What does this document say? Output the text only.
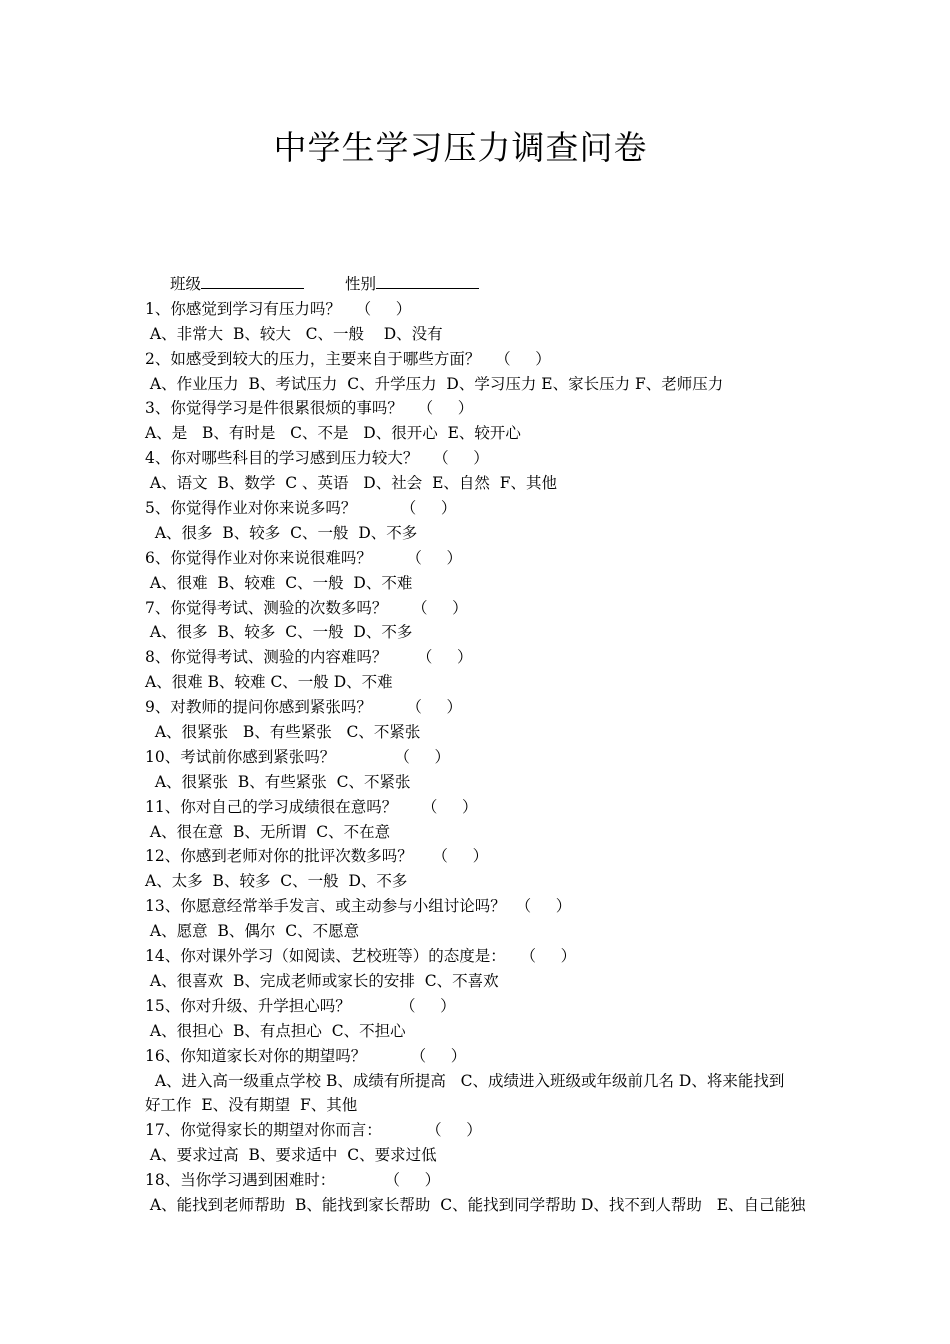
中学生学习压力调查问卷
班级	性别
1、你感觉到学习有压力吗？   （     ）
A、非常大  B、较大   C、一般    D、没有
2、如感受到较大的压力，主要来自于哪些方面？   （     ）
A、作业压力  B、考试压力  C、升学压力  D、学习压力 E、家长压力 F、老师压力
3、你觉得学习是件很累很烦的事吗？   （     ）
A、是   B、有时是   C、不是   D、很开心  E、较开心
4、你对哪些科目的学习感到压力较大？   （     ）
A、语文  B、数学  C 、英语   D、社会  E、自然  F、其他
5、你觉得作业对你来说多吗？         （     ）
A、很多  B、较多  C、一般  D、不多
6、你觉得作业对你来说很难吗？       （     ）
A、很难  B、较难  C、一般  D、不难
7、你觉得考试、测验的次数多吗？     （     ）
A、很多  B、较多  C、一般  D、不多
8、你觉得考试、测验的内容难吗？      （     ）
A、很难 B、较难 C、一般 D、不难
9、对教师的提问你感到紧张吗？       （     ）
A、很紧张   B、有些紧张   C、不紧张
10、考试前你感到紧张吗？            （     ）
A、很紧张  B、有些紧张  C、不紧张
11、你对自己的学习成绩很在意吗？     （     ）
A、很在意  B、无所谓  C、不在意
12、你感到老师对你的批评次数多吗？    （     ）
A、太多  B、较多  C、一般  D、不多
13、你愿意经常举手发言、或主动参与小组讨论吗？  （     ）
A、愿意  B、偶尔  C、不愿意
14、你对课外学习（如阅读、艺校班等）的态度是：   （     ）
A、很喜欢  B、完成老师或家长的安排  C、不喜欢
15、你对升级、升学担心吗？          （     ）
A、很担心  B、有点担心  C、不担心
16、你知道家长对你的期望吗？         （     ）
A、进入高一级重点学校 B、成绩有所提高   C、成绩进入班级或年级前几名 D、将来能找到
好工作  E、没有期望  F、其他
17、你觉得家长的期望对你而言：         （     ）
A、要求过高  B、要求适中  C、要求过低
18、当你学习遇到困难时：          （     ）
A、能找到老师帮助  B、能找到家长帮助  C、能找到同学帮助 D、找不到人帮助   E、自己能独
